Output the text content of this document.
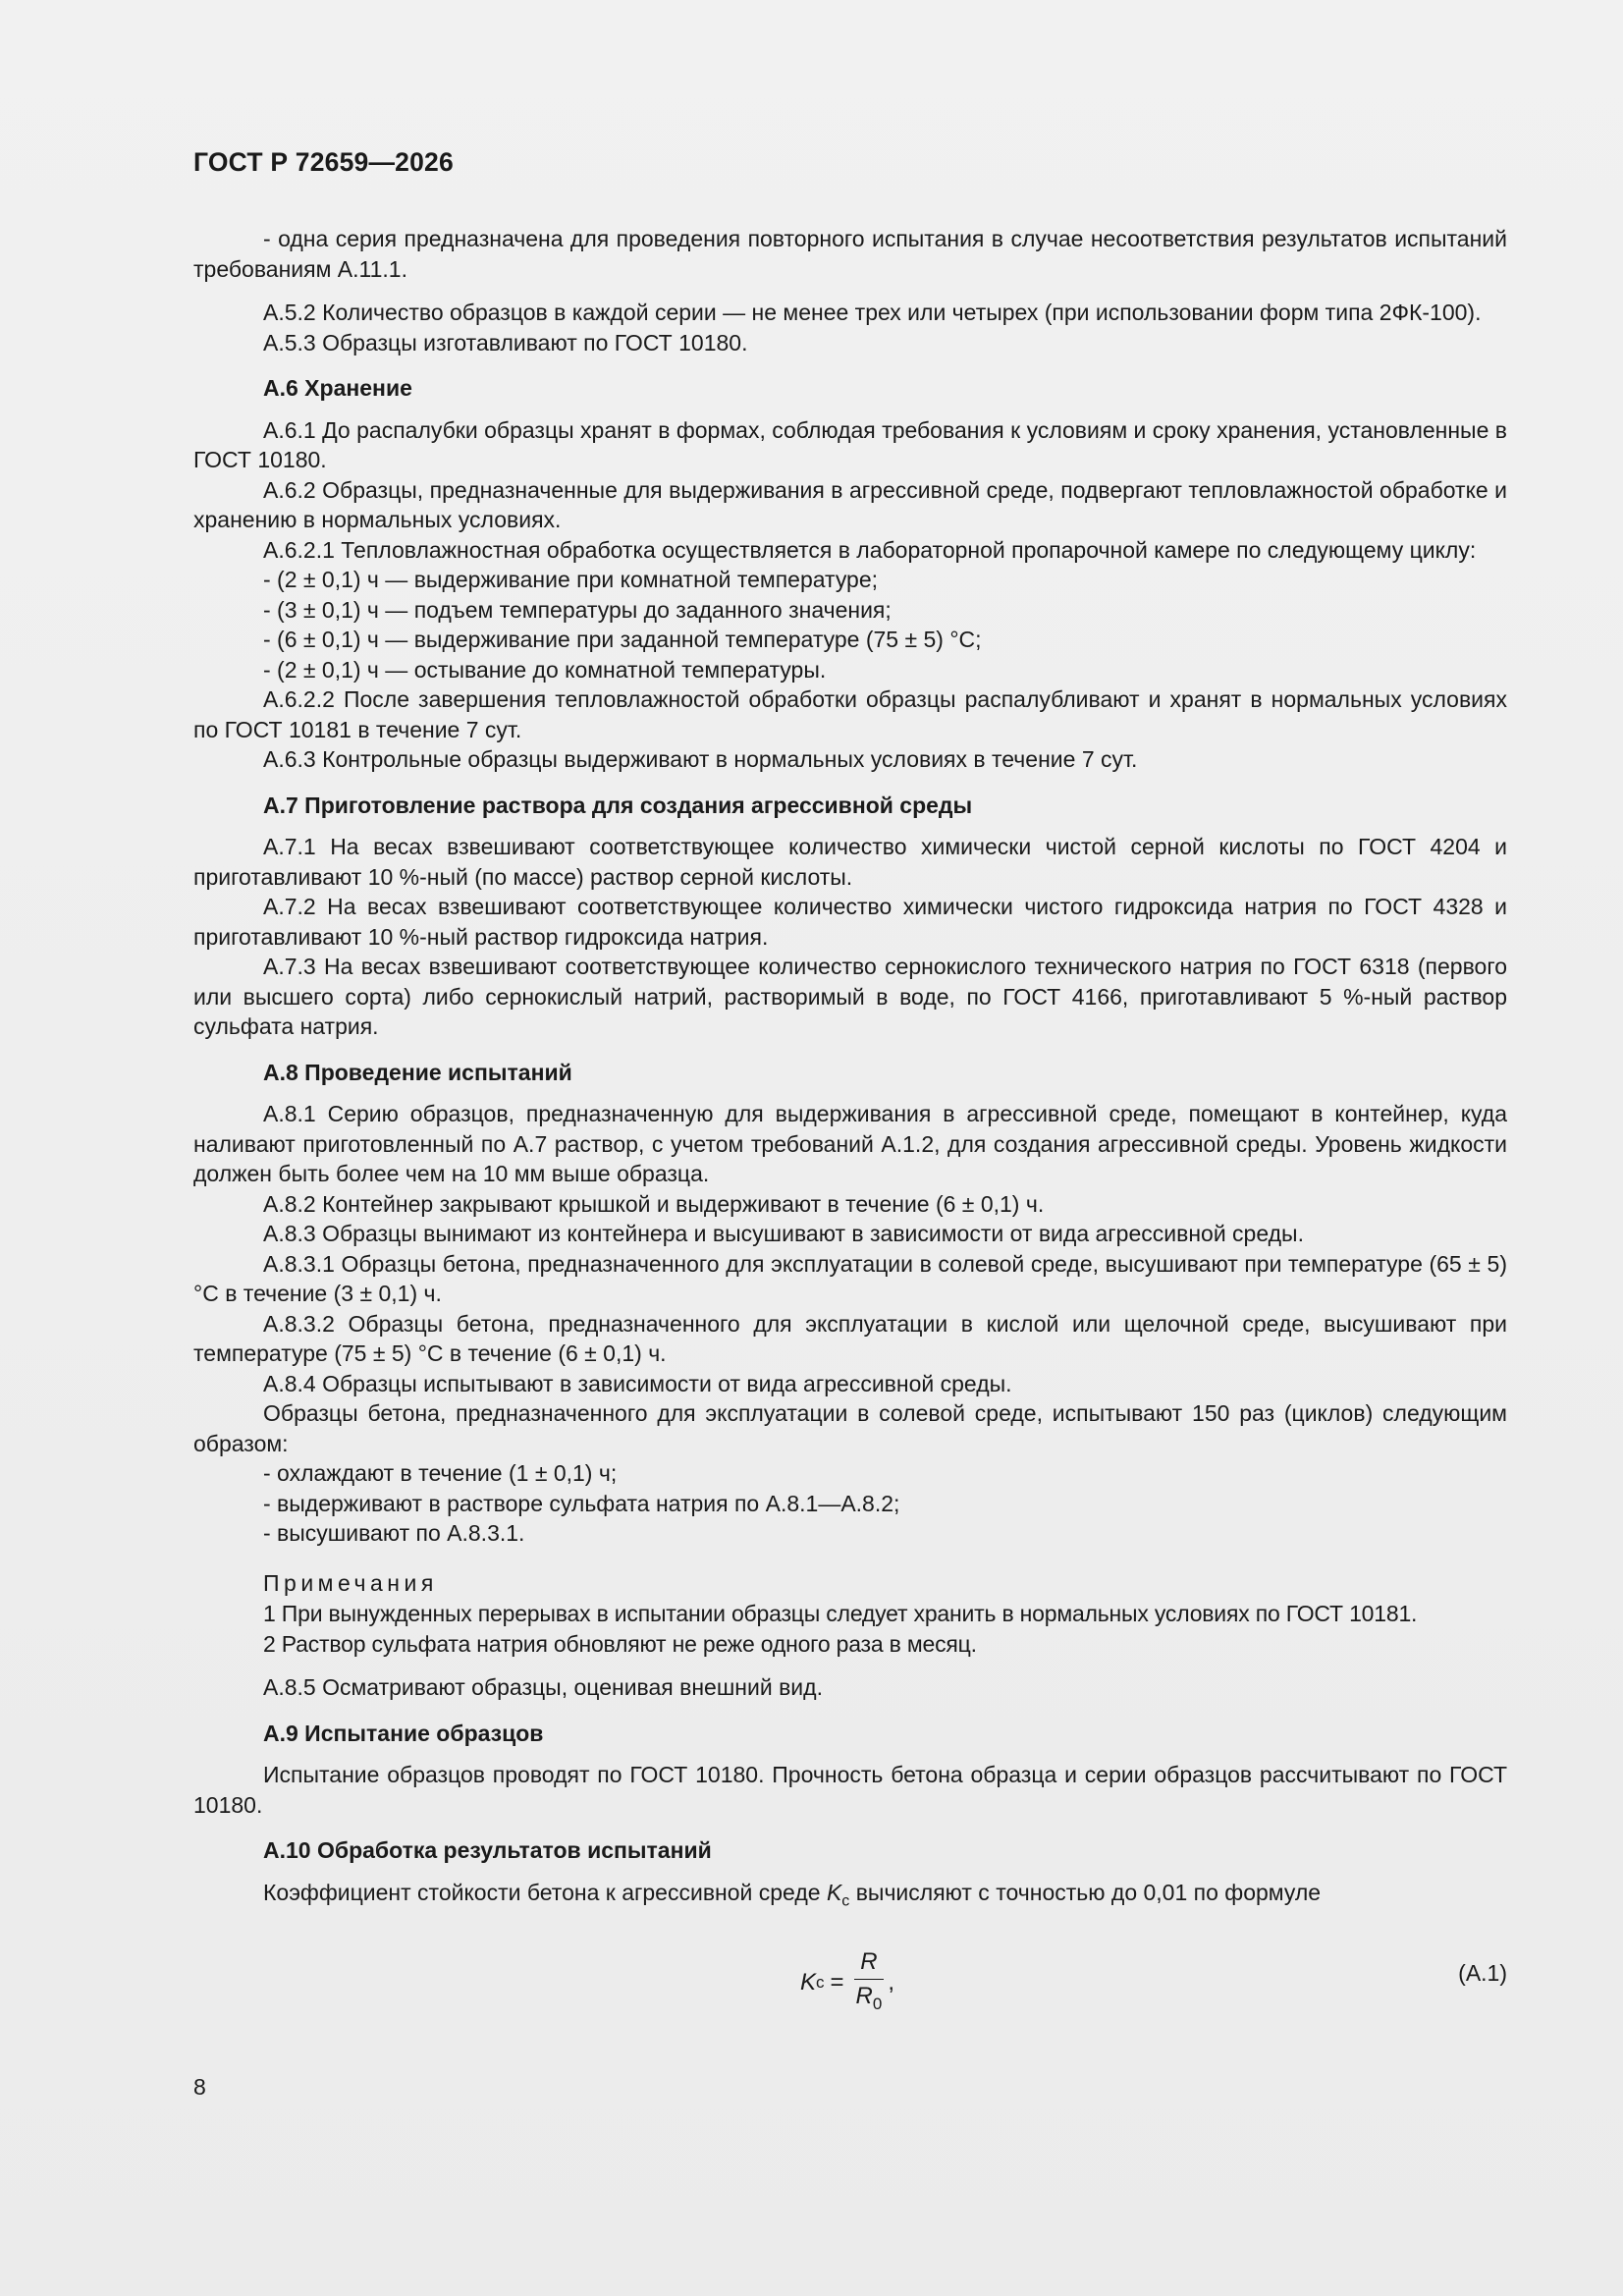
ГОСТ Р 72659—2026

- одна серия предназначена для проведения повторного испытания в случае несоответствия результатов испытаний требованиям А.11.1.

А.5.2 Количество образцов в каждой серии — не менее трех или четырех (при использовании форм типа 2ФК-100).

А.5.3 Образцы изготавливают по ГОСТ 10180.

А.6 Хранение

А.6.1 До распалубки образцы хранят в формах, соблюдая требования к условиям и сроку хранения, установленные в ГОСТ 10180.

А.6.2 Образцы, предназначенные для выдерживания в агрессивной среде, подвергают тепловлажностой обработке и хранению в нормальных условиях.

А.6.2.1 Тепловлажностная обработка осуществляется в лабораторной пропарочной камере по следующему циклу:

- (2 ± 0,1) ч — выдерживание при комнатной температуре;
- (3 ± 0,1) ч — подъем температуры до заданного значения;
- (6 ± 0,1) ч — выдерживание при заданной температуре (75 ± 5) °С;
- (2 ± 0,1) ч — остывание до комнатной температуры.

А.6.2.2 После завершения тепловлажностой обработки образцы распалубливают и хранят в нормальных условиях по ГОСТ 10181 в течение 7 сут.

А.6.3 Контрольные образцы выдерживают в нормальных условиях в течение 7 сут.

А.7 Приготовление раствора для создания агрессивной среды

А.7.1 На весах взвешивают соответствующее количество химически чистой серной кислоты по ГОСТ 4204 и приготавливают 10 %-ный (по массе) раствор серной кислоты.

А.7.2 На весах взвешивают соответствующее количество химически чистого гидроксида натрия по ГОСТ 4328 и приготавливают 10 %-ный раствор гидроксида натрия.

А.7.3 На весах взвешивают соответствующее количество сернокислого технического натрия по ГОСТ 6318 (первого или высшего сорта) либо сернокислый натрий, растворимый в воде, по ГОСТ 4166, приготавливают 5 %-ный раствор сульфата натрия.

А.8 Проведение испытаний

А.8.1 Серию образцов, предназначенную для выдерживания в агрессивной среде, помещают в контейнер, куда наливают приготовленный по А.7 раствор, с учетом требований А.1.2, для создания агрессивной среды. Уровень жидкости должен быть более чем на 10 мм выше образца.

А.8.2 Контейнер закрывают крышкой и выдерживают в течение (6 ± 0,1) ч.

А.8.3 Образцы вынимают из контейнера и высушивают в зависимости от вида агрессивной среды.

А.8.3.1 Образцы бетона, предназначенного для эксплуатации в солевой среде, высушивают при температуре (65 ± 5) °С в течение (3 ± 0,1) ч.

А.8.3.2 Образцы бетона, предназначенного для эксплуатации в кислой или щелочной среде, высушивают при температуре (75 ± 5) °С в течение (6 ± 0,1) ч.

А.8.4 Образцы испытывают в зависимости от вида агрессивной среды.

Образцы бетона, предназначенного для эксплуатации в солевой среде, испытывают 150 раз (циклов) следующим образом:

- охлаждают в течение (1 ± 0,1) ч;
- выдерживают в растворе сульфата натрия по А.8.1—А.8.2;
- высушивают по А.8.3.1.
Примечания
1 При вынужденных перерывах в испытании образцы следует хранить в нормальных условиях по ГОСТ 10181.
2 Раствор сульфата натрия обновляют не реже одного раза в месяц.

А.8.5 Осматривают образцы, оценивая внешний вид.

А.9 Испытание образцов

Испытание образцов проводят по ГОСТ 10180. Прочность бетона образца и серии образцов рассчитывают по ГОСТ 10180.

А.10 Обработка результатов испытаний

Коэффициент стойкости бетона к агрессивной среде $K_с$ вычисляют с точностью до 0,01 по формуле

K $с = \frac{R}{R_0}$ ,	(А.1)
8
